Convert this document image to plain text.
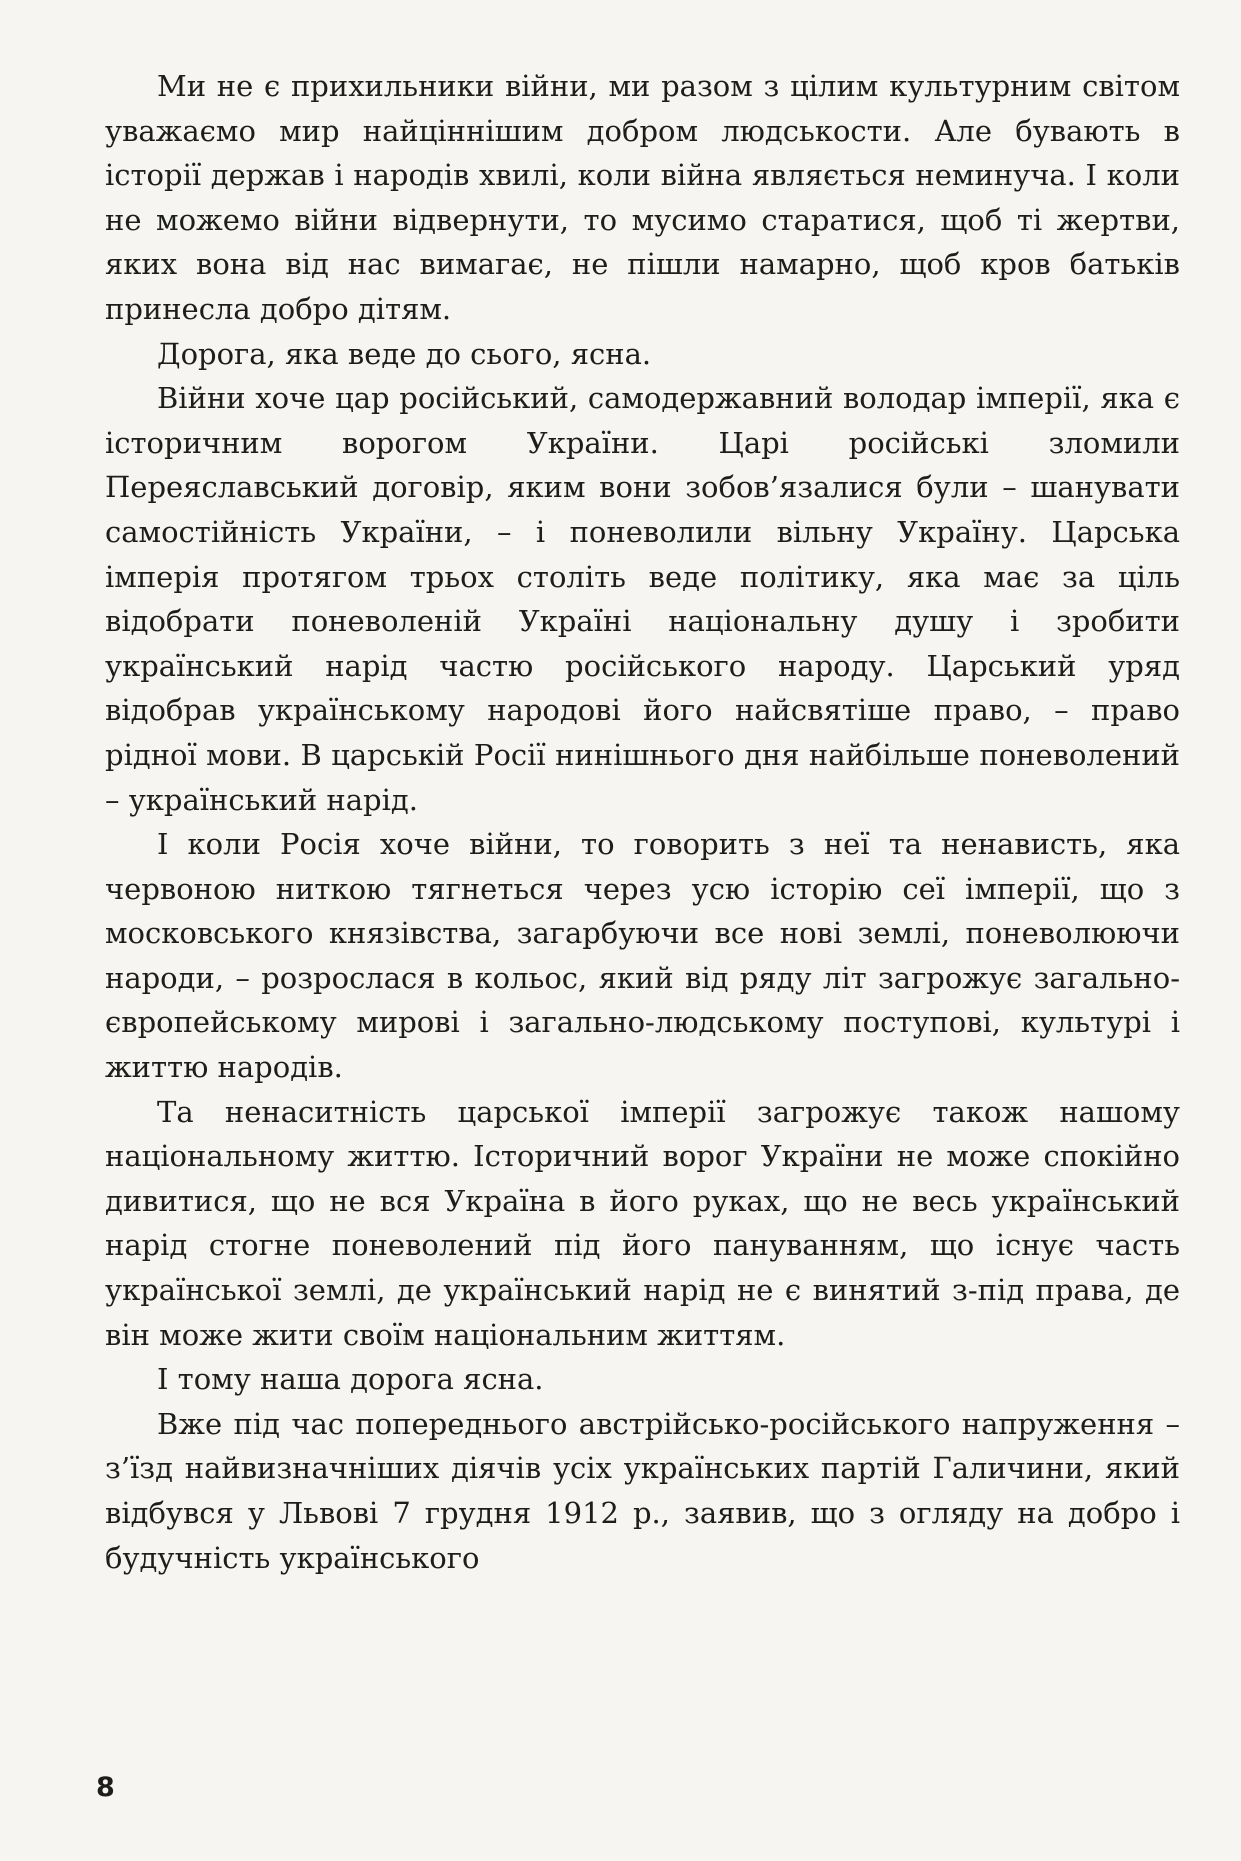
Ми не є прихильники війни, ми разом з цілим культурним світом уважаємо мир найціннішим добром людськости. Але бувають в історії держав і народів хвилі, коли війна являється неминуча. І коли не можемо війни відвернути, то мусимо старатися, щоб ті жертви, яких вона від нас вимагає, не пішли намарно, щоб кров батьків принесла добро дітям.

Дорога, яка веде до сього, ясна.

Війни хоче цар російський, самодержавний володар імперії, яка є історичним ворогом України. Царі російські зломили Переяславський договір, яким вони зобов’язалися були – шанувати самостійність України, – і поневолили вільну Україну. Царська імперія протягом трьох століть веде політику, яка має за ціль відобрати поневоленій Україні національну душу і зробити український нарід частю російського народу. Царський уряд відобрав українському народові його найсвятіше право, – право рідної мови. В царській Росії нинішнього дня найбільше поневолений – український нарід.

І коли Росія хоче війни, то говорить з неї та ненависть, яка червоною ниткою тягнеться через усю історію сеї імперії, що з московського князівства, загарбуючи все нові землі, поневолюючи народи, – розрослася в кольос, який від ряду літ загрожує загально-європейському мирові і загально-людському поступові, культурі і життю народів.

Та ненаситність царської імперії загрожує також нашому національному життю. Історичний ворог України не може спокійно дивитися, що не вся Україна в його руках, що не весь український нарід стогне поневолений під його пануванням, що існує часть української землі, де український нарід не є винятий з-під права, де він може жити своїм національним життям.

І тому наша дорога ясна.

Вже під час попереднього австрійсько-російського напруження – з’їзд найвизначніших діячів усіх українських партій Галичини, який відбувся у Львові 7 грудня 1912 р., заявив, що з огляду на добро і будучність українського

8
